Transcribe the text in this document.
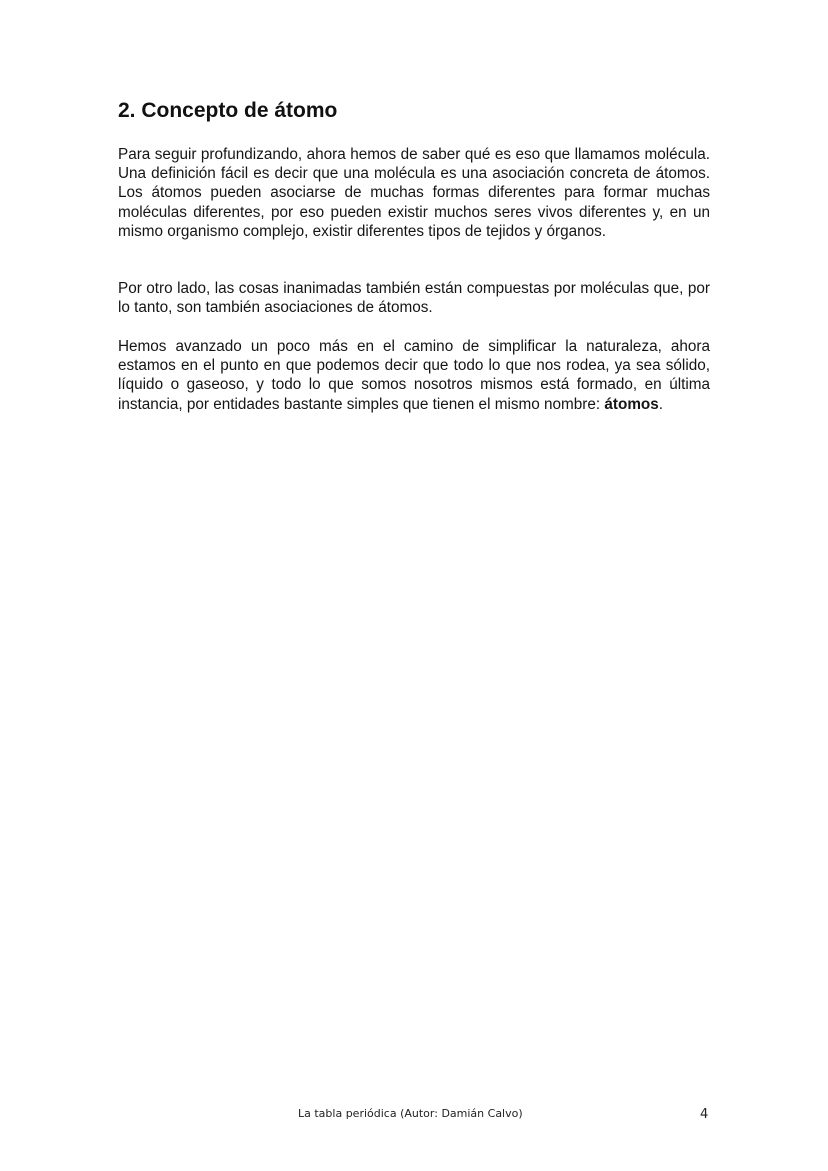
2. Concepto de átomo

Para seguir profundizando, ahora hemos de saber qué es eso que llamamos molécula. Una definición fácil es decir que una molécula es una asociación concreta de átomos. Los átomos pueden asociarse de muchas formas diferentes para formar muchas moléculas diferentes, por eso pueden existir muchos seres vivos diferentes y, en un mismo organismo complejo, existir diferentes tipos de tejidos y órganos.

Por otro lado, las cosas inanimadas también están compuestas por moléculas que, por lo tanto, son también asociaciones de átomos.

Hemos avanzado un poco más en el camino de simplificar la naturaleza, ahora estamos en el punto en que podemos decir que todo lo que nos rodea, ya sea sólido, líquido o gaseoso, y todo lo que somos nosotros mismos está formado, en última instancia, por entidades bastante simples que tienen el mismo nombre: átomos.

La tabla periódica (Autor: Damián Calvo)	4
